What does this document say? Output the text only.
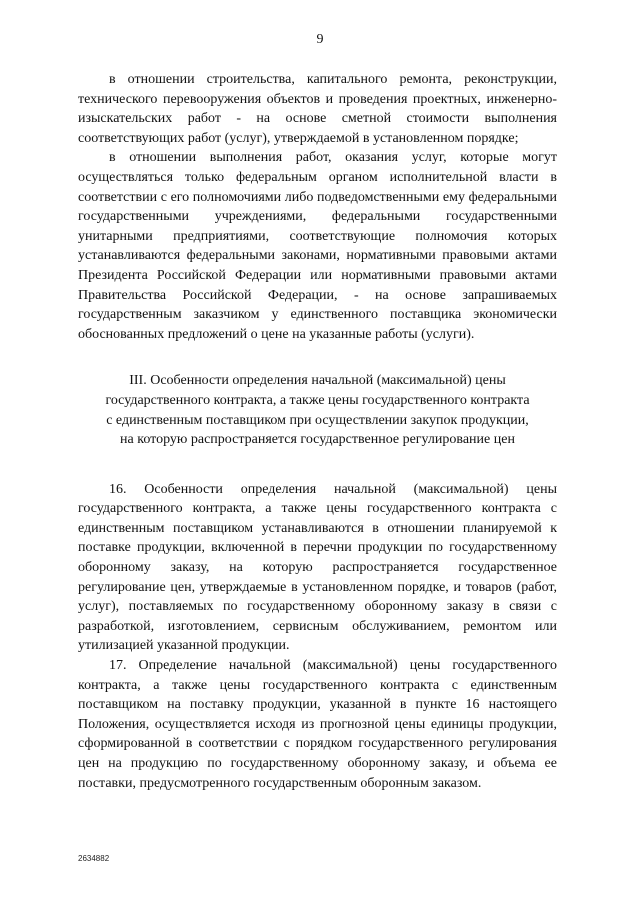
9

в отношении строительства, капитального ремонта, реконструкции, технического перевооружения объектов и проведения проектных, инженерно-изыскательских работ - на основе сметной стоимости выполнения соответствующих работ (услуг), утверждаемой в установленном порядке;

в отношении выполнения работ, оказания услуг, которые могут осуществляться только федеральным органом исполнительной власти в соответствии с его полномочиями либо подведомственными ему федеральными государственными учреждениями, федеральными государственными унитарными предприятиями, соответствующие полномочия которых устанавливаются федеральными законами, нормативными правовыми актами Президента Российской Федерации или нормативными правовыми актами Правительства Российской Федерации, - на основе запрашиваемых государственным заказчиком у единственного поставщика экономически обоснованных предложений о цене на указанные работы (услуги).

III. Особенности определения начальной (максимальной) цены
государственного контракта, а также цены государственного контракта
с единственным поставщиком при осуществлении закупок продукции,
на которую распространяется государственное регулирование цен

16. Особенности определения начальной (максимальной) цены государственного контракта, а также цены государственного контракта с единственным поставщиком устанавливаются в отношении планируемой к поставке продукции, включенной в перечни продукции по государственному оборонному заказу, на которую распространяется государственное регулирование цен, утверждаемые в установленном порядке, и товаров (работ, услуг), поставляемых по государственному оборонному заказу в связи с разработкой, изготовлением, сервисным обслуживанием, ремонтом или утилизацией указанной продукции.

17. Определение начальной (максимальной) цены государственного контракта, а также цены государственного контракта с единственным поставщиком на поставку продукции, указанной в пункте 16 настоящего Положения, осуществляется исходя из прогнозной цены единицы продукции, сформированной в соответствии с порядком государственного регулирования цен на продукцию по государственному оборонному заказу, и объема ее поставки, предусмотренного государственным оборонным заказом.

2634882
